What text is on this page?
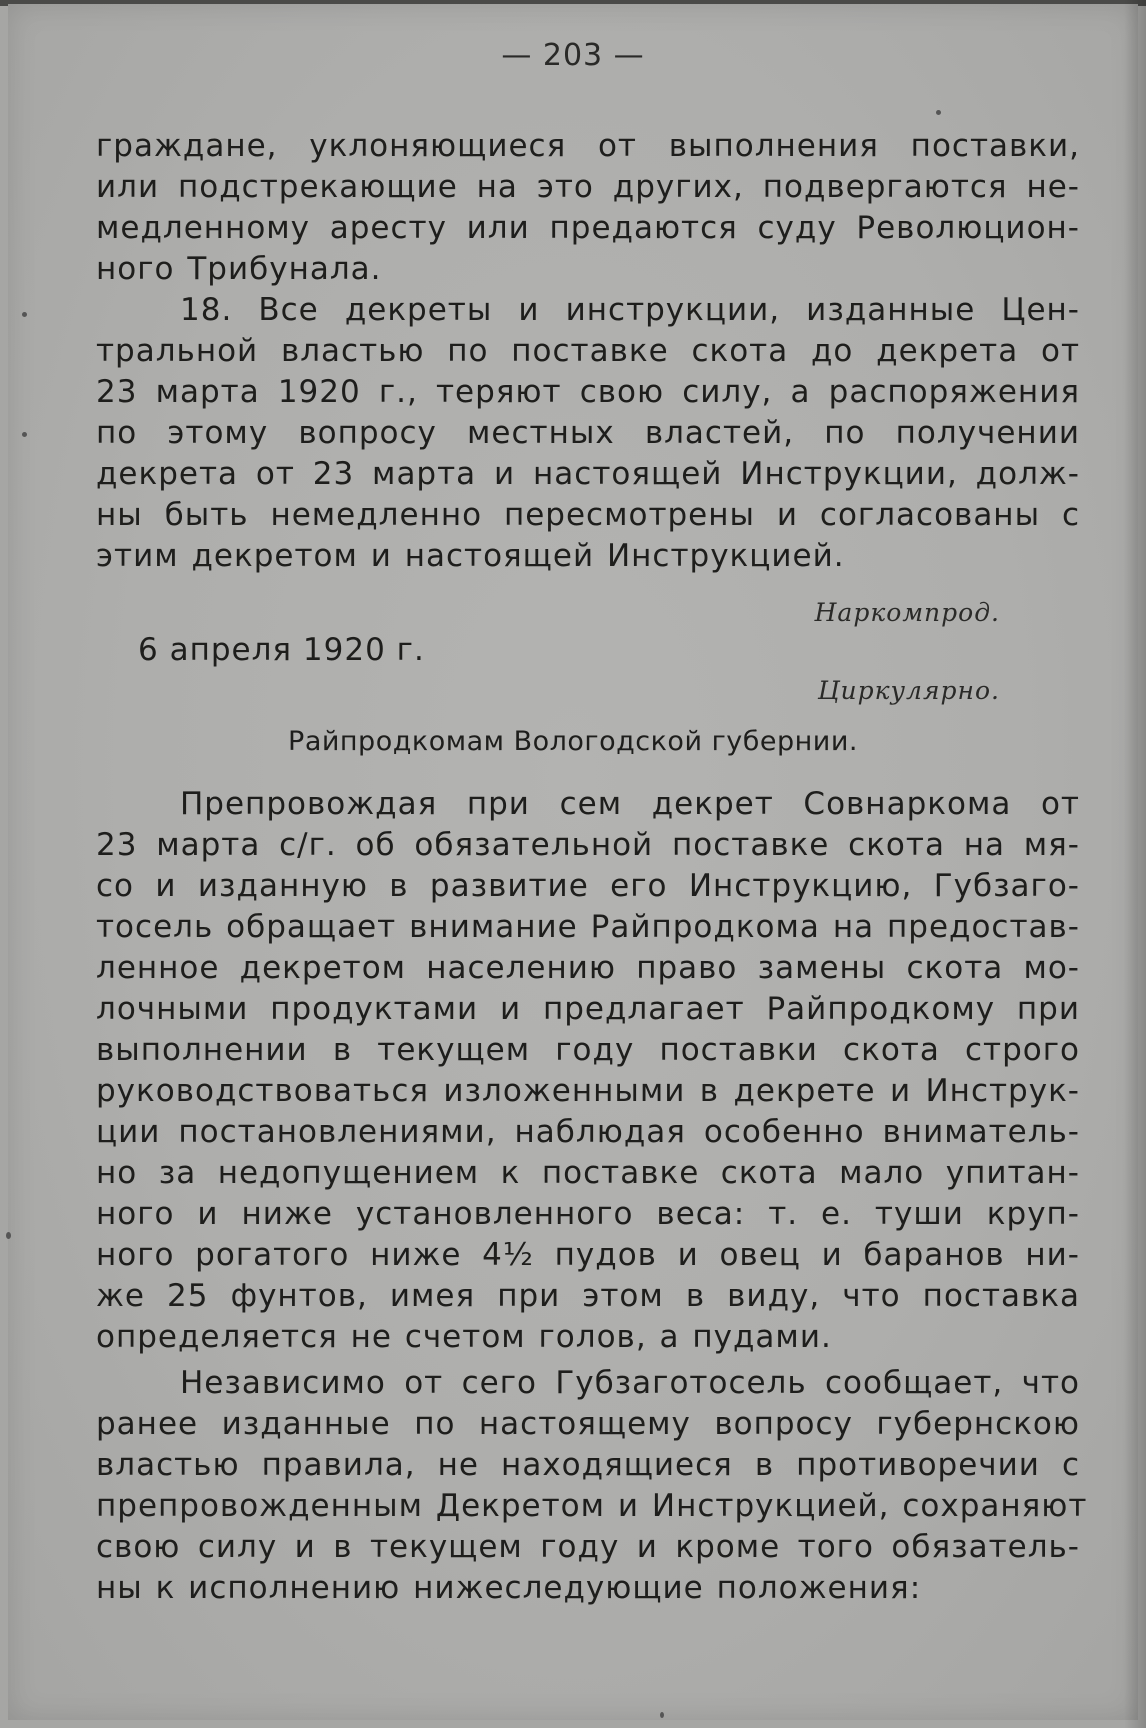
— 203 —
граждане, уклоняющиеся от выполнения поставки,
или подстрекающие на это других, подвергаются не-
медленному аресту или предаются суду Революцион-
ного Трибунала.
18. Все декреты и инструкции, изданные Цен-
тральной властью по поставке скота до декрета от
23 марта 1920 г., теряют свою силу, а распоряжения
по этому вопросу местных властей, по получении
декрета от 23 марта и настоящей Инструкции, долж-
ны быть немедленно пересмотрены и согласованы с
этим декретом и настоящей Инструкцией.
Наркомпрод.
6 апреля 1920 г.
Циркулярно.
Райпродкомам Вологодской губернии.
Препровождая при сем декрет Совнаркома от
23 марта с/г. об обязательной поставке скота на мя-
со и изданную в развитие его Инструкцию, Губзаго-
тосель обращает внимание Райпродкома на предостав-
ленное декретом населению право замены скота мо-
лочными продуктами и предлагает Райпродкому при
выполнении в текущем году поставки скота строго
руководствоваться изложенными в декрете и Инструк-
ции постановлениями, наблюдая особенно вниматель-
но за недопущением к поставке скота мало упитан-
ного и ниже установленного веса: т. е. туши круп-
ного рогатого ниже 4½ пудов и овец и баранов ни-
же 25 фунтов, имея при этом в виду, что поставка
определяется не счетом голов, а пудами.
Независимо от сего Губзаготосель сообщает, что
ранее изданные по настоящему вопросу губернскою
властью правила, не находящиеся в противоречии с
препровожденным Декретом и Инструкцией, сохраняют
свою силу и в текущем году и кроме того обязатель-
ны к исполнению нижеследующие положения:
